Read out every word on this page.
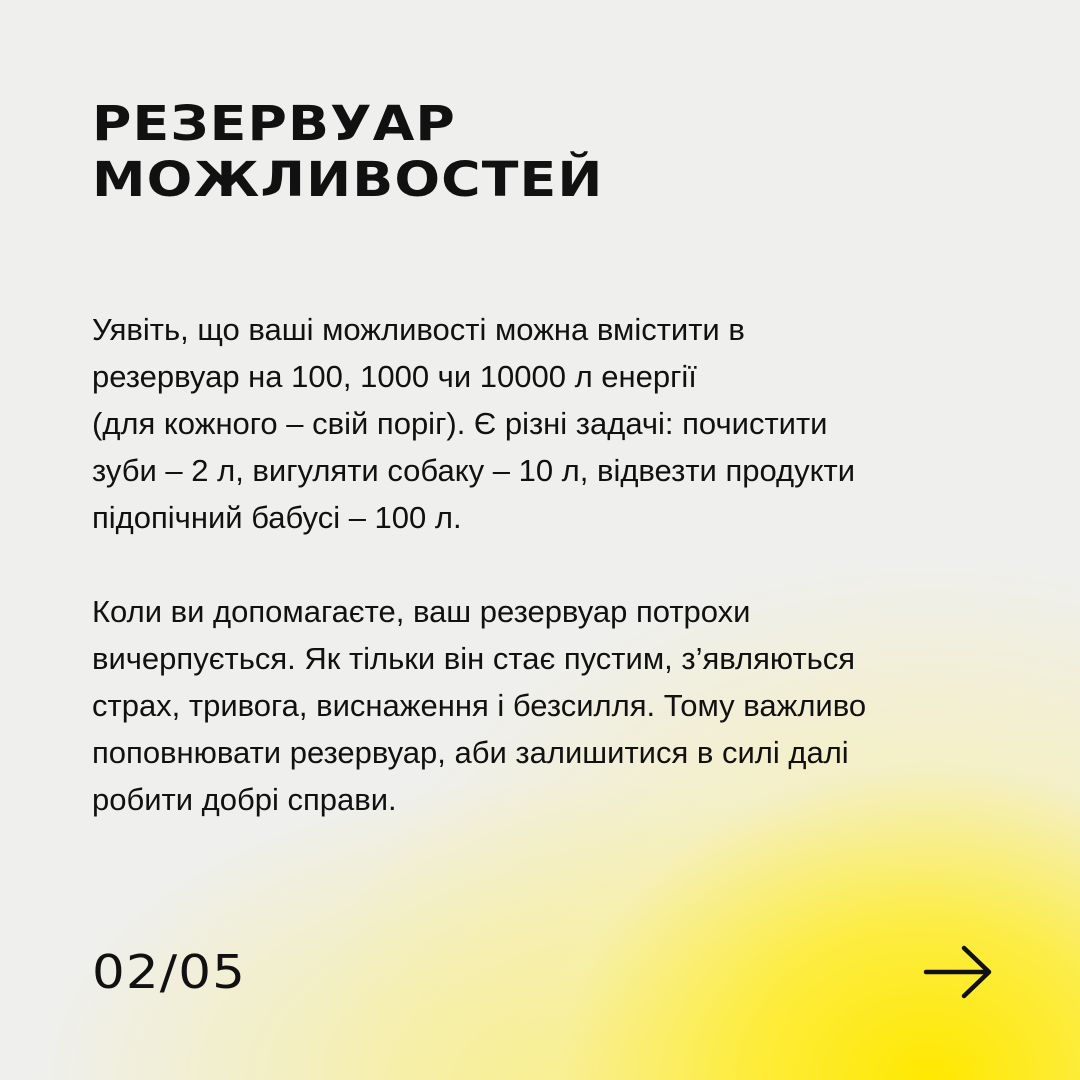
РЕЗЕРВУАР
МОЖЛИВОСТЕЙ

Уявіть, що ваші можливості можна вмістити в
резервуар на 100, 1000 чи 10000 л енергії
(для кожного – свій поріг). Є різні задачі: почистити
зуби – 2 л, вигуляти собаку – 10 л, відвезти продукти
підопічний бабусі – 100 л.

Коли ви допомагаєте, ваш резервуар потрохи
вичерпується. Як тільки він стає пустим, з’являються
страх, тривога, виснаження і безсилля. Тому важливо
поповнювати резервуар, аби залишитися в силі далі
робити добрі справи.

02/05
